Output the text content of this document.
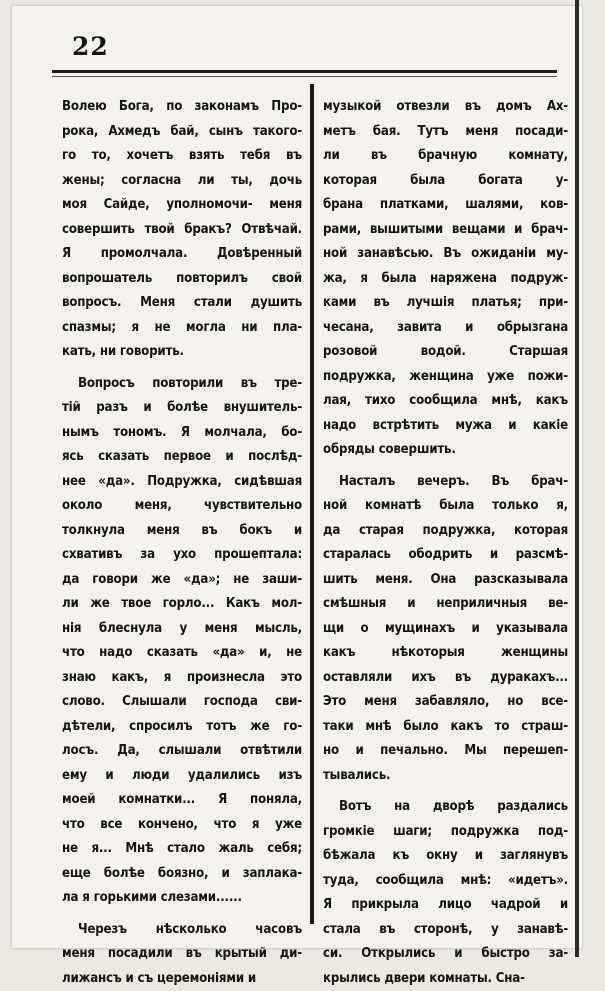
22
Волею Бога, по законамъ Про-
рока, Ахмедъ бай, сынъ такого-
го то, хочетъ взять тебя въ
жены; согласна ли ты, дочь
моя Сайде, уполномочи- меня
совершить твой бракъ? Отвѣчай.
Я промолчала. Довѣренный
вопрошатель повторилъ свой
вопросъ. Меня стали душить
спазмы; я не могла ни пла-
кать, ни говорить.
Вопросъ повторили въ тре-
тій разъ и болѣе внушитель-
нымъ тономъ. Я молчала, бо-
ясь сказать первое и послѣд-
нее «да». Подружка, сидѣвшая
около меня, чувствительно
толкнула меня въ бокъ и
схвативъ за ухо прошептала:
да говори же «да»; не заши-
ли же твое горло... Какъ мол-
нія блеснула у меня мысль,
что надо сказать «да» и, не
знаю какъ, я произнесла это
слово. Слышали господа сви-
дѣтели, спросилъ тотъ же го-
лосъ. Да, слышали отвѣтили
ему и люди удалились изъ
моей комнатки... Я поняла,
что все кончено, что я уже
не я... Мнѣ стало жаль себя;
еще болѣе боязно, и заплака-
ла я горькими слезами......
Черезъ нѣсколько часовъ
меня посадили въ крытый ди-
лижансъ и съ церемоніями и
музыкой отвезли въ домъ Ах-
метъ бая. Тутъ меня посади-
ли въ брачную комнату,
которая была богата у-
брана платками, шалями, ков-
рами, вышитыми вещами и брач-
ной занавѣсью. Въ ожиданіи му-
жа, я была наряжена подруж-
ками въ лучшія платья; при-
чесана, завита и обрызгана
розовой водой. Старшая
подружка, женщина уже пожи-
лая, тихо сообщила мнѣ, какъ
надо встрѣтить мужа и какіе
обряды совершить.
Насталъ вечеръ. Въ брач-
ной комнатѣ была только я,
да старая подружка, которая
старалась ободрить и разсмѣ-
шить меня. Она разсказывала
смѣшныя и неприличныя ве-
щи о мущинахъ и указывала
какъ нѣкоторыя женщины
оставляли ихъ въ дуракахъ...
Это меня забавляло, но все-
таки мнѣ было какъ то страш-
но и печально. Мы перешеп-
тывались.
Вотъ на дворѣ раздались
громкіе шаги; подружка под-
бѣжала къ окну и заглянувъ
туда, сообщила мнѣ: «идетъ».
Я прикрыла лицо чадрой и
стала въ сторонѣ, у занавѣ-
си. Открылись и быстро за-
крылись двери комнаты. Сна-
